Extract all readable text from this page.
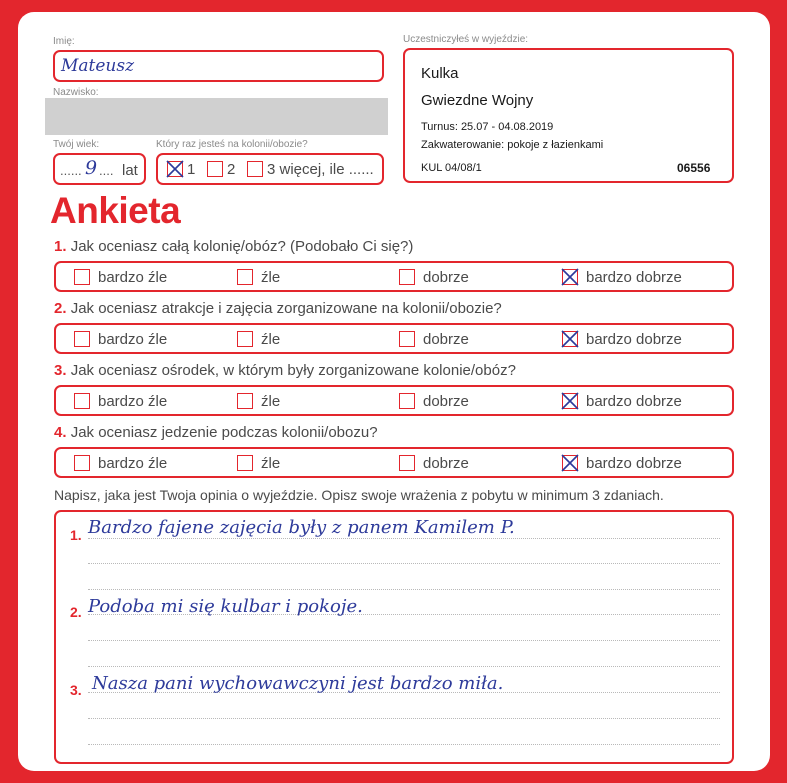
Imię:
Mateusz
Nazwisko:
Twój wiek:
...... 9 .... lat
Który raz jesteś na kolonii/obozie?
1 2 3 więcej, ile ......
Uczestniczyłeś w wyjeździe:
Kulka
Gwiezdne Wojny
Turnus: 25.07 - 04.08.2019
Zakwaterowanie: pokoje z łazienkami
KUL 04/08/1	06556
Ankieta
1. Jak oceniasz całą kolonię/obóz? (Podobało Ci się?)
bardzo źle	źle	dobrze	bardzo dobrze
2. Jak oceniasz atrakcje i zajęcia zorganizowane na kolonii/obozie?
bardzo źle	źle	dobrze	bardzo dobrze
3. Jak oceniasz ośrodek, w którym były zorganizowane kolonie/obóz?
bardzo źle	źle	dobrze	bardzo dobrze
4. Jak oceniasz jedzenie podczas kolonii/obozu?
bardzo źle	źle	dobrze	bardzo dobrze
Napisz, jaka jest Twoja opinia o wyjeździe. Opisz swoje wrażenia z pobytu w minimum 3 zdaniach.
1. Bardzo fajene zajęcia były z panem Kamilem P.
2. Podoba mi się kulbar i pokoje.
3. Nasza pani wychowawczyni jest bardzo miła.
